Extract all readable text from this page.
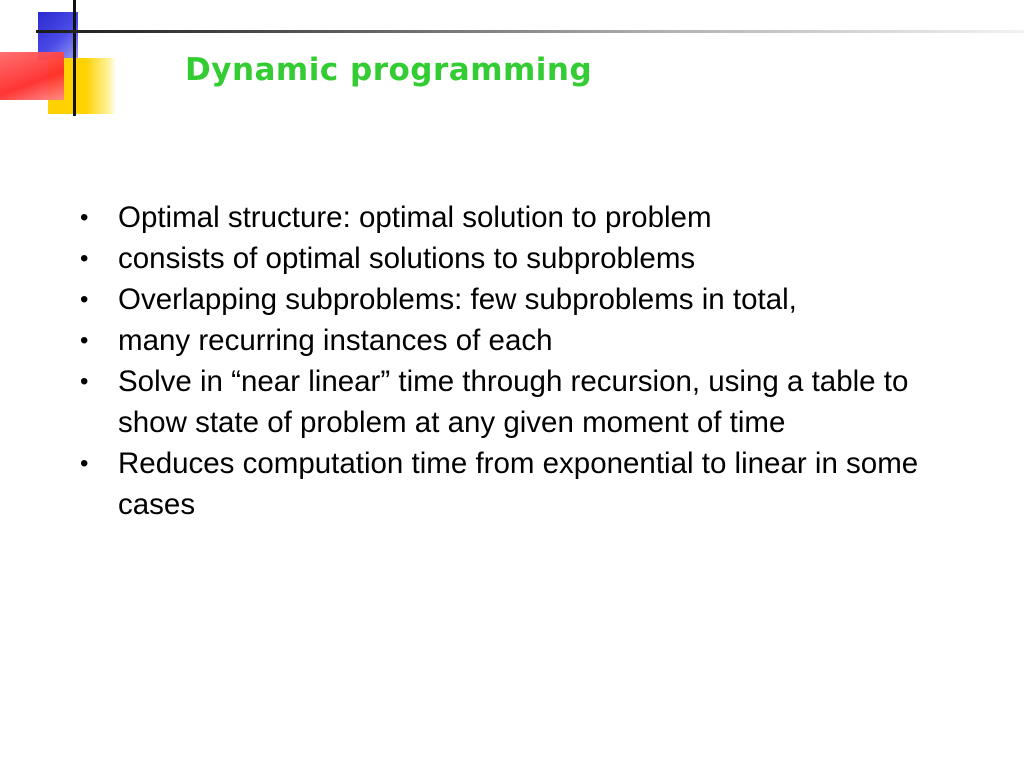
Dynamic programming
• Optimal structure: optimal solution to problem
• consists of optimal solutions to subproblems
• Overlapping subproblems: few subproblems in total,
• many recurring instances of each
• Solve in “near linear” time through recursion, using a table to show state of problem at any given moment of time
• Reduces computation time from exponential to linear in some cases
